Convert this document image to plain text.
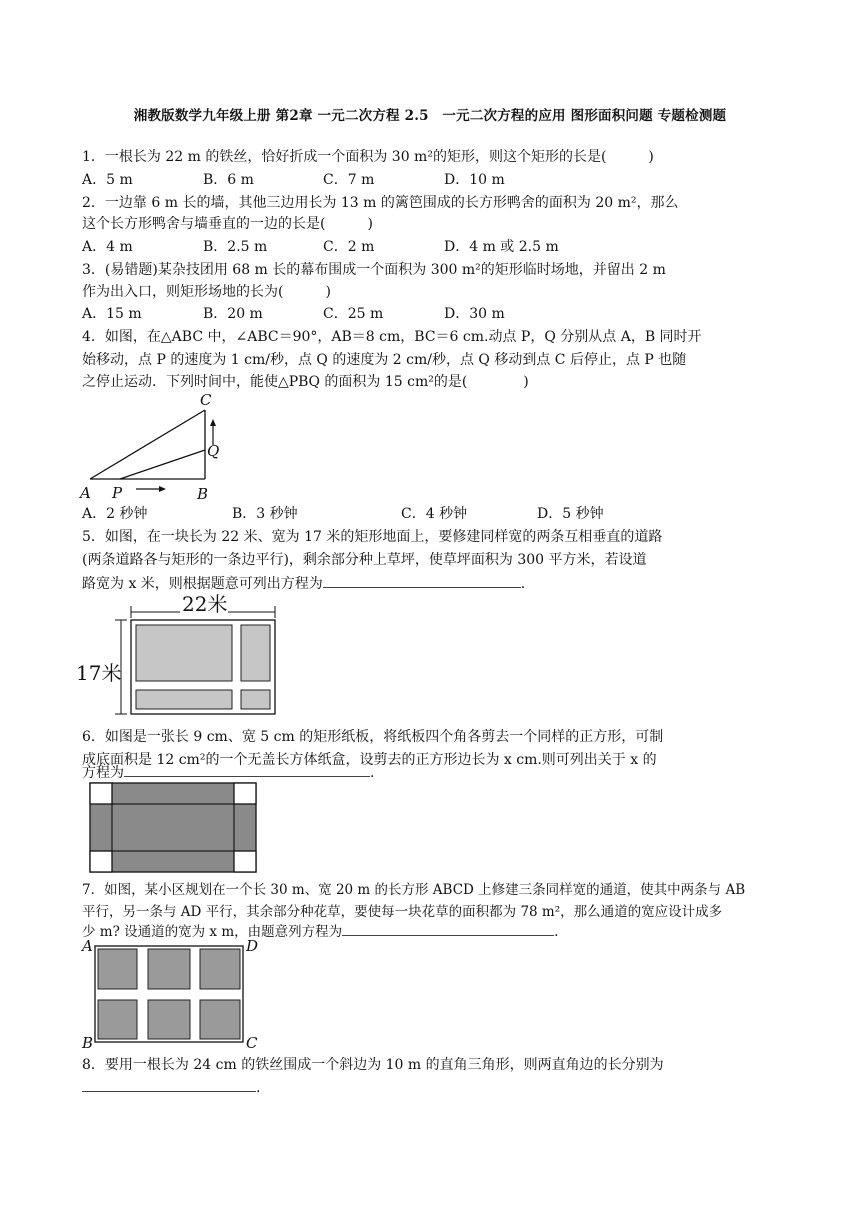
湘教版数学九年级上册 第2章 一元二次方程 2.5　一元二次方程的应用 图形面积问题 专题检测题
1．一根长为 22 m 的铁丝，恰好折成一个面积为 30 m²的矩形，则这个矩形的长是(　　　)
A．5 m	B．6 m	C．7 m	D．10 m
2．一边靠 6 m 长的墙，其他三边用长为 13 m 的篱笆围成的长方形鸭舍的面积为 20 m²，那么
这个长方形鸭舍与墙垂直的一边的长是(　　　)
A．4 m	B．2.5 m	C．2 m	D．4 m 或 2.5 m
3．(易错题)某杂技团用 68 m 长的幕布围成一个面积为 300 m²的矩形临时场地，并留出 2 m
作为出入口，则矩形场地的长为(　　　)
A．15 m	B．20 m	C．25 m	D．30 m
4．如图，在△ABC 中，∠ABC＝90°，AB＝8 cm，BC＝6 cm.动点 P，Q 分别从点 A，B 同时开
始移动，点 P 的速度为 1 cm/秒，点 Q 的速度为 2 cm/秒，点 Q 移动到点 C 后停止，点 P 也随
之停止运动．下列时间中，能使△PBQ 的面积为 15 cm²的是(　　　　)
A P	B
C
Q
A．2 秒钟	B．3 秒钟	C．4 秒钟	D．5 秒钟
5．如图，在一块长为 22 米、宽为 17 米的矩形地面上，要修建同样宽的两条互相垂直的道路
(两条道路各与矩形的一条边平行)，剩余部分种上草坪，使草坪面积为 300 平方米，若设道
路宽为 x 米，则根据题意可列出方程为	.
22米
17米
6．如图是一张长 9 cm、宽 5 cm 的矩形纸板，将纸板四个角各剪去一个同样的正方形，可制
成底面积是 12 cm²的一个无盖长方体纸盒，设剪去的正方形边长为 x cm.则可列出关于 x 的
方程为	.
7．如图，某小区规划在一个长 30 m、宽 20 m 的长方形 ABCD 上修建三条同样宽的通道，使其中两条与 AB
平行，另一条与 AD 平行，其余部分种花草，要使每一块花草的面积都为 78 m²，那么通道的宽应设计成多
少 m? 设通道的宽为 x m，由题意列方程为	.
A	D
B	C
8．要用一根长为 24 cm 的铁丝围成一个斜边为 10 m 的直角三角形，则两直角边的长分别为
.
